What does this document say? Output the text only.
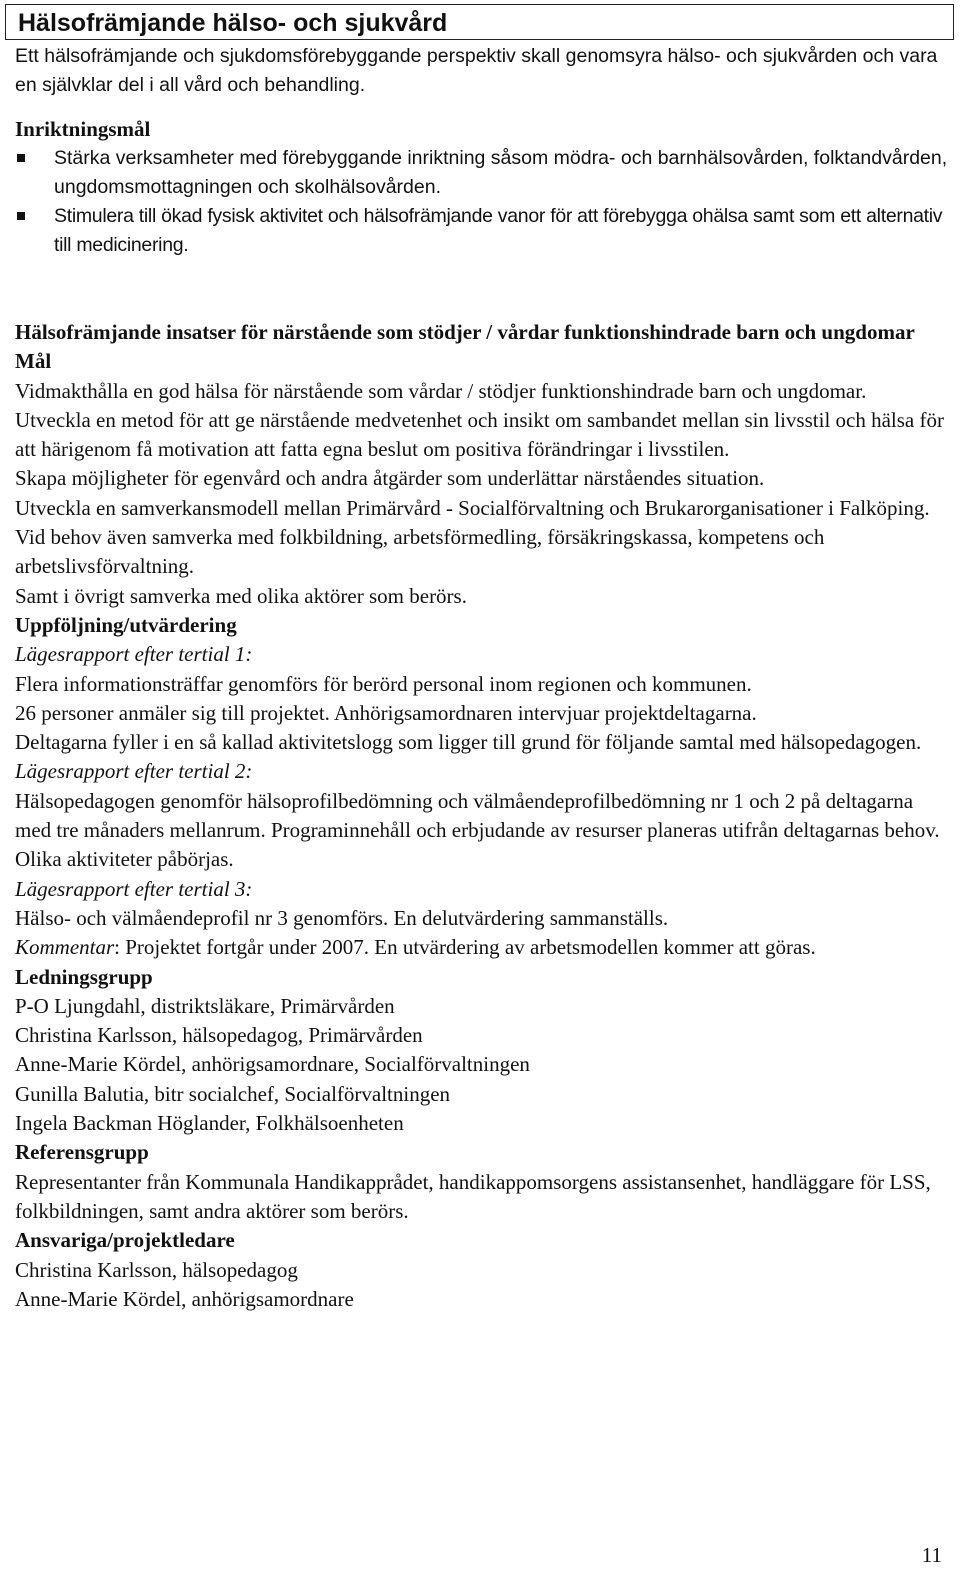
Hälsofrämjande hälso- och sjukvård

Ett hälsofrämjande och sjukdomsförebyggande perspektiv skall genomsyra hälso- och sjukvården och vara en självklar del i all vård och behandling.

Inriktningsmål
Stärka verksamheter med förebyggande inriktning såsom mödra- och barnhälsovården, folktandvården, ungdomsmottagningen och skolhälsovården.
Stimulera till ökad fysisk aktivitet och hälsofrämjande vanor för att förebygga ohälsa samt som ett alternativ till medicinering.

Hälsofrämjande insatser för närstående som stödjer / vårdar funktionshindrade barn och ungdomar

Mål

Vidmakthålla en god hälsa för närstående som vårdar / stödjer funktionshindrade barn och ungdomar.

Utveckla en metod för att ge närstående medvetenhet och insikt om sambandet mellan sin livsstil och hälsa för att härigenom få motivation att fatta egna beslut om positiva förändringar i livsstilen.

Skapa möjligheter för egenvård och andra åtgärder som underlättar närståendes situation.

Utveckla en samverkansmodell mellan Primärvård - Socialförvaltning och Brukarorganisationer i Falköping.

Vid behov även samverka med folkbildning, arbetsförmedling, försäkringskassa, kompetens och arbetslivsförvaltning.

Samt i övrigt samverka med olika aktörer som berörs.

Uppföljning/utvärdering

Lägesrapport efter tertial 1:

Flera informationsträffar genomförs för berörd personal inom regionen och kommunen.

26 personer anmäler sig till projektet. Anhörigsamordnaren intervjuar projektdeltagarna.

Deltagarna fyller i en så kallad aktivitetslogg som ligger till grund för följande samtal med hälsopedagogen.

Lägesrapport efter tertial 2:

Hälsopedagogen genomför hälsoprofilbedömning och välmåendeprofilbedömning nr 1 och 2 på deltagarna med tre månaders mellanrum. Programinnehåll och erbjudande av resurser planeras utifrån deltagarnas behov. Olika aktiviteter påbörjas.

Lägesrapport efter tertial 3:

Hälso- och välmåendeprofil nr 3 genomförs. En delutvärdering sammanställs.

Kommentar: Projektet fortgår under 2007. En utvärdering av arbetsmodellen kommer att göras.

Ledningsgrupp

P-O Ljungdahl, distriktsläkare, Primärvården

Christina Karlsson, hälsopedagog, Primärvården

Anne-Marie Kördel, anhörigsamordnare, Socialförvaltningen

Gunilla Balutia, bitr socialchef, Socialförvaltningen

Ingela Backman Höglander, Folkhälsoenheten

Referensgrupp

Representanter från Kommunala Handikapprådet, handikappomsorgens assistansenhet, handläggare för LSS, folkbildningen, samt andra aktörer som berörs.

Ansvariga/projektledare

Christina Karlsson, hälsopedagog

Anne-Marie Kördel, anhörigsamordnare

11
